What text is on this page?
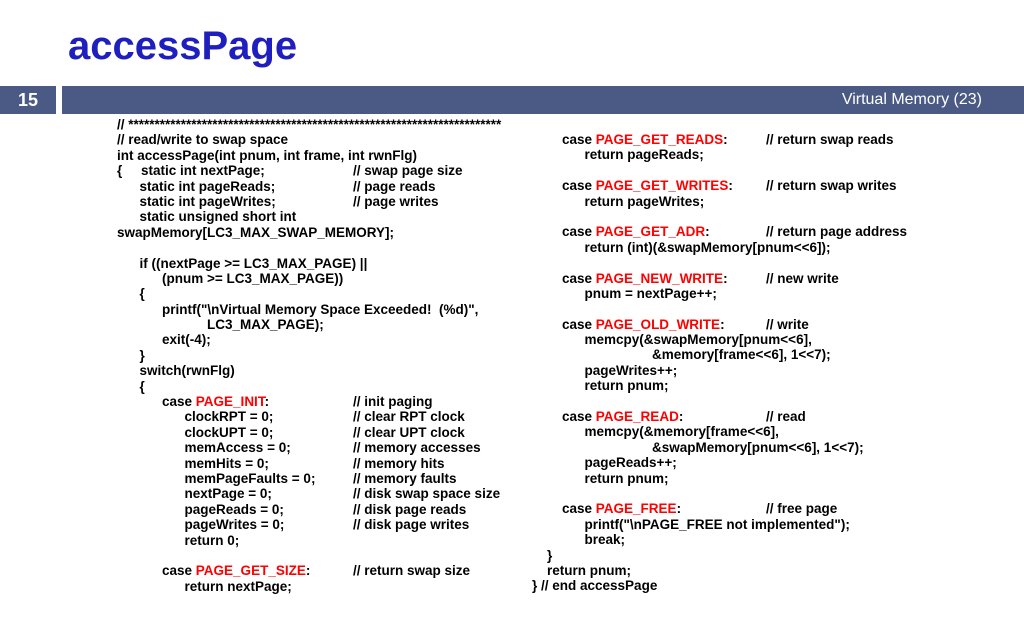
accessPage
15	Virtual Memory (23)
// ***********************************************************************
// read/write to swap space
int accessPage(int pnum, int frame, int rwnFlg)
{     static int nextPage;	// swap page size
static int pageReads;	// page reads
static int pageWrites;	// page writes
static unsigned short int
swapMemory[LC3_MAX_SWAP_MEMORY];
if ((nextPage >= LC3_MAX_PAGE) ||
(pnum >= LC3_MAX_PAGE))
{
printf("\nVirtual Memory Space Exceeded!  (%d)",
LC3_MAX_PAGE);
exit(-4);
}
switch(rwnFlg)
{
case PAGE_INIT:	// init paging
clockRPT = 0;	// clear RPT clock
clockUPT = 0;	// clear UPT clock
memAccess = 0;	// memory accesses
memHits = 0;	// memory hits
memPageFaults = 0;	// memory faults
nextPage = 0;	// disk swap space size
pageReads = 0;	// disk page reads
pageWrites = 0;	// disk page writes
return 0;
case PAGE_GET_SIZE:	// return swap size
return nextPage;
case PAGE_GET_READS:	// return swap reads
return pageReads;
case PAGE_GET_WRITES: // return swap writes
return pageWrites;
case PAGE_GET_ADR:	// return page address
return (int)(&swapMemory[pnum<<6]);
case PAGE_NEW_WRITE:	// new write
pnum = nextPage++;
case PAGE_OLD_WRITE:	// write
memcpy(&swapMemory[pnum<<6],
&memory[frame<<6], 1<<7);
pageWrites++;
return pnum;
case PAGE_READ:	// read
memcpy(&memory[frame<<6],
&swapMemory[pnum<<6], 1<<7);
pageReads++;
return pnum;
case PAGE_FREE:	// free page
printf("\nPAGE_FREE not implemented");
break;
}
return pnum;
} // end accessPage
